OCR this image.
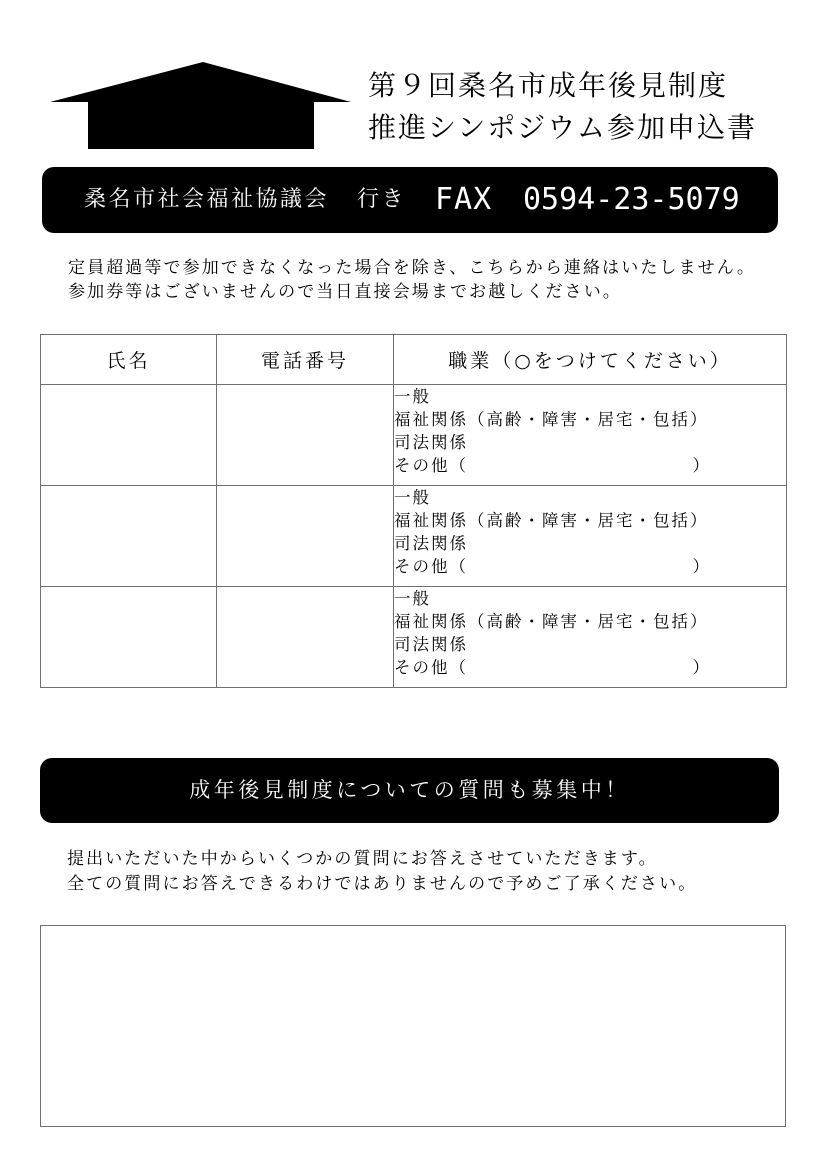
第９回桑名市成年後見制度
推進シンポジウム参加申込書
桑名市社会福祉協議会 行き FAX 0594-23-5079
定員超過等で参加できなくなった場合を除き、こちらから連絡はいたしません。
参加券等はございませんので当日直接会場までお越しください。
氏名	電話番号	職業（○をつけてください）

		一般
福祉関係（高齢・障害・居宅・包括）
司法関係
その他（ ）

		一般
福祉関係（高齢・障害・居宅・包括）
司法関係
その他（ ）

		一般
福祉関係（高齢・障害・居宅・包括）
司法関係
その他（ ）
成年後見制度についての質問も募集中！
提出いただいた中からいくつかの質問にお答えさせていただきます。
全ての質問にお答えできるわけではありませんので予めご了承ください。
